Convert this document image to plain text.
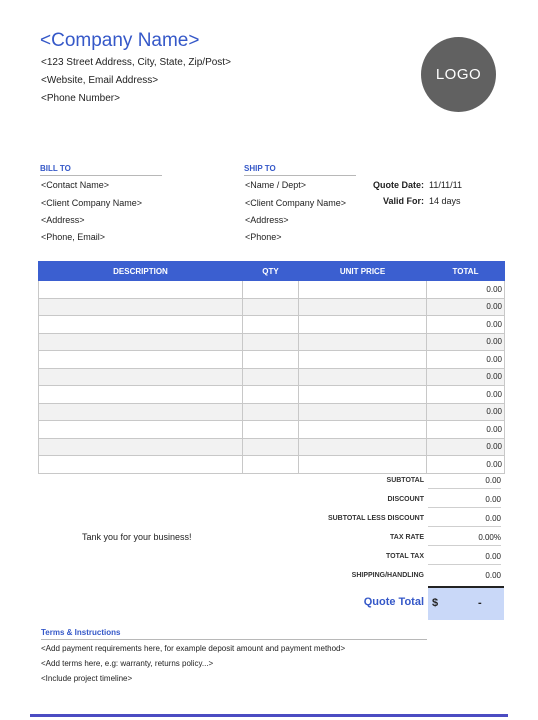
<Company Name>
<123 Street Address, City, State, Zip/Post>
<Website, Email Address>
<Phone Number>
LOGO
BILL TO
<Contact Name>
<Client Company Name>
<Address>
<Phone, Email>
SHIP TO
<Name / Dept>
<Client Company Name>
<Address>
<Phone>
Quote Date: 11/11/11
Valid For: 14 days
DESCRIPTION	QTY	UNIT PRICE	TOTAL
			0.00
			0.00
			0.00
			0.00
			0.00
			0.00
			0.00
			0.00
			0.00
			0.00
			0.00
SUBTOTAL	0.00
DISCOUNT	0.00
SUBTOTAL LESS DISCOUNT	0.00
TAX RATE	0.00%
TOTAL TAX	0.00
SHIPPING/HANDLING	0.00
Tank you for your business!
Quote Total $	-
Terms & Instructions
<Add payment requirements here, for example deposit amount and payment method>
<Add terms here, e.g: warranty, returns policy...>
<Include project timeline>
